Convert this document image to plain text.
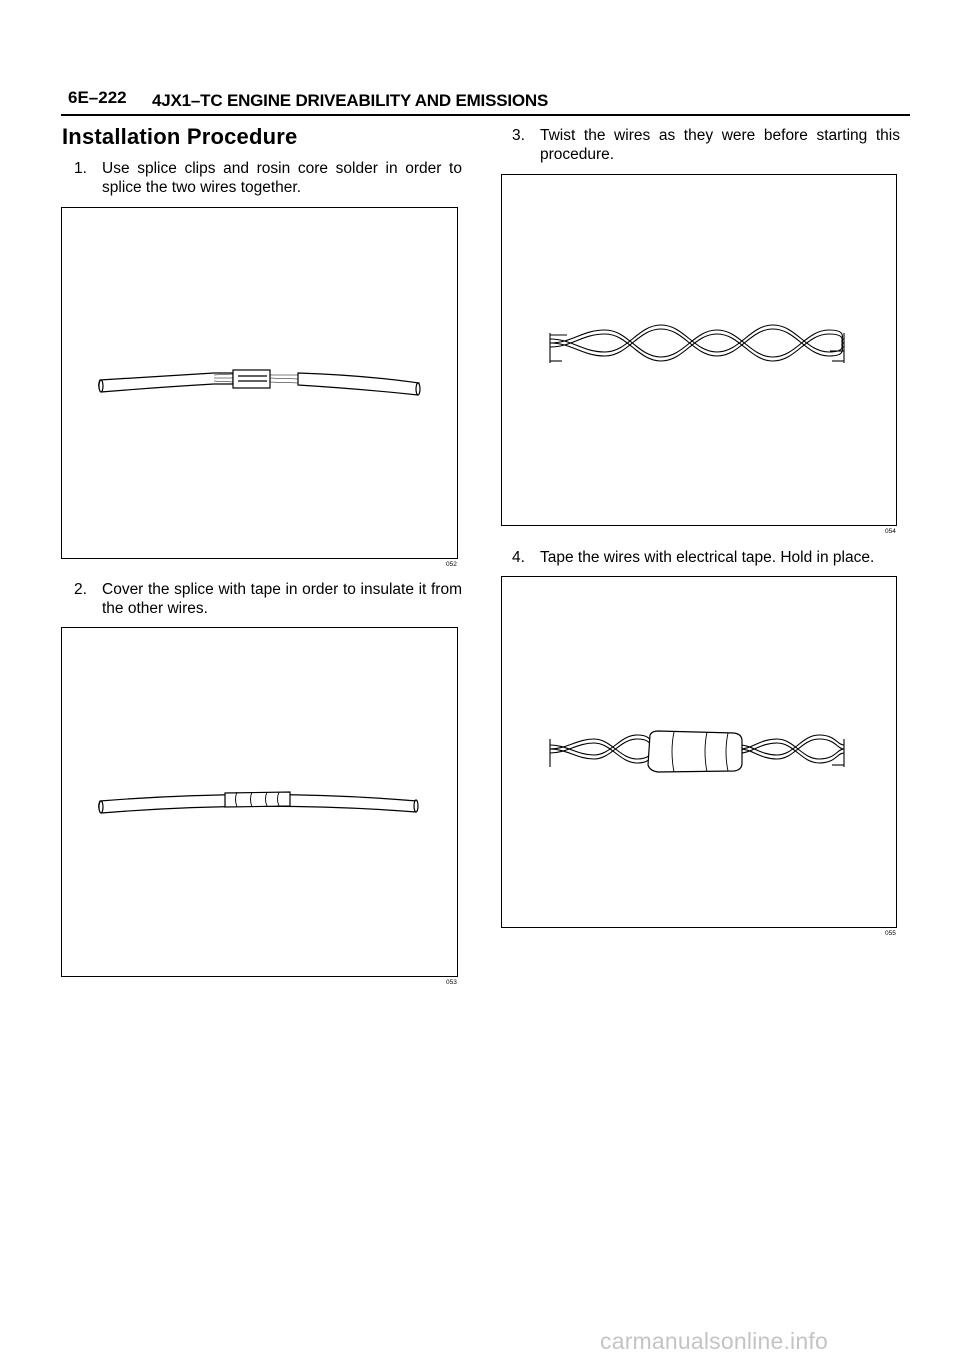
6E–222 4JX1–TC ENGINE DRIVEABILITY AND EMISSIONS
Installation Procedure
1. Use splice clips and rosin core solder in order to splice the two wires together.
052
2. Cover the splice with tape in order to insulate it from the other wires.
053
3. Twist the wires as they were before starting this procedure.
054
4. Tape the wires with electrical tape. Hold in place.
055
carmanualsonline.info
